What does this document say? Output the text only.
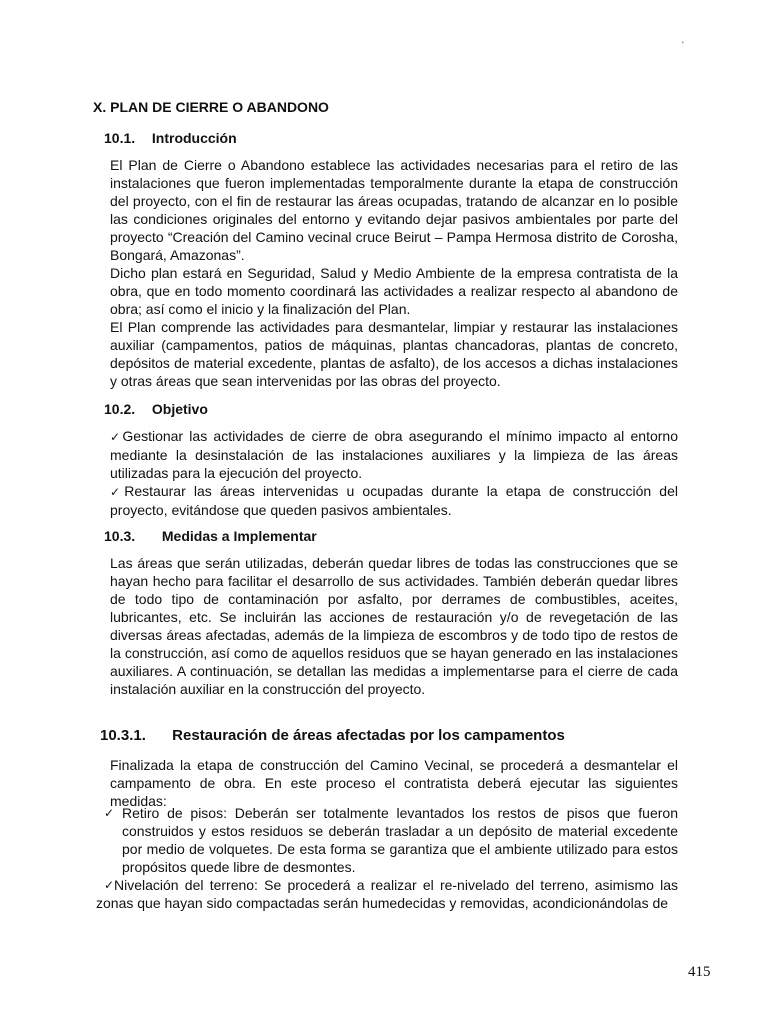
'
X. PLAN DE CIERRE O ABANDONO
10.1. Introducción

El Plan de Cierre o Abandono establece las actividades necesarias para el retiro de las instalaciones que fueron implementadas temporalmente durante la etapa de construcción del proyecto, con el fin de restaurar las áreas ocupadas, tratando de alcanzar en lo posible las condiciones originales del entorno y evitando dejar pasivos ambientales por parte del proyecto “Creación del Camino vecinal cruce Beirut – Pampa Hermosa distrito de Corosha, Bongará, Amazonas”.

Dicho plan estará en Seguridad, Salud y Medio Ambiente de la empresa contratista de la obra, que en todo momento coordinará las actividades a realizar respecto al abandono de obra; así como el inicio y la finalización del Plan.

El Plan comprende las actividades para desmantelar, limpiar y restaurar las instalaciones auxiliar (campamentos, patios de máquinas, plantas chancadoras, plantas de concreto, depósitos de material excedente, plantas de asfalto), de los accesos a dichas instalaciones y otras áreas que sean intervenidas por las obras del proyecto.

10.2. Objetivo

✓Gestionar las actividades de cierre de obra asegurando el mínimo impacto al entorno mediante la desinstalación de las instalaciones auxiliares y la limpieza de las áreas utilizadas para la ejecución del proyecto.

✓Restaurar las áreas intervenidas u ocupadas durante la etapa de construcción del proyecto, evitándose que queden pasivos ambientales.

10.3. Medidas a Implementar

Las áreas que serán utilizadas, deberán quedar libres de todas las construcciones que se hayan hecho para facilitar el desarrollo de sus actividades. También deberán quedar libres de todo tipo de contaminación por asfalto, por derrames de combustibles, aceites, lubricantes, etc. Se incluirán las acciones de restauración y/o de revegetación de las diversas áreas afectadas, además de la limpieza de escombros y de todo tipo de restos de la construcción, así como de aquellos residuos que se hayan generado en las instalaciones auxiliares. A continuación, se detallan las medidas a implementarse para el cierre de cada instalación auxiliar en la construcción del proyecto.

10.3.1. Restauración de áreas afectadas por los campamentos

Finalizada la etapa de construcción del Camino Vecinal, se procederá a desmantelar el campamento de obra. En este proceso el contratista deberá ejecutar las siguientes medidas:

✓ Retiro de pisos: Deberán ser totalmente levantados los restos de pisos que fueron construidos y estos residuos se deberán trasladar a un depósito de material excedente por medio de volquetes. De esta forma se garantiza que el ambiente utilizado para estos propósitos quede libre de desmontes.
✓ Nivelación del terreno: Se procederá a realizar el re-nivelado del terreno, asimismo las zonas que hayan sido compactadas serán humedecidas y removidas, acondicionándolas de
415
